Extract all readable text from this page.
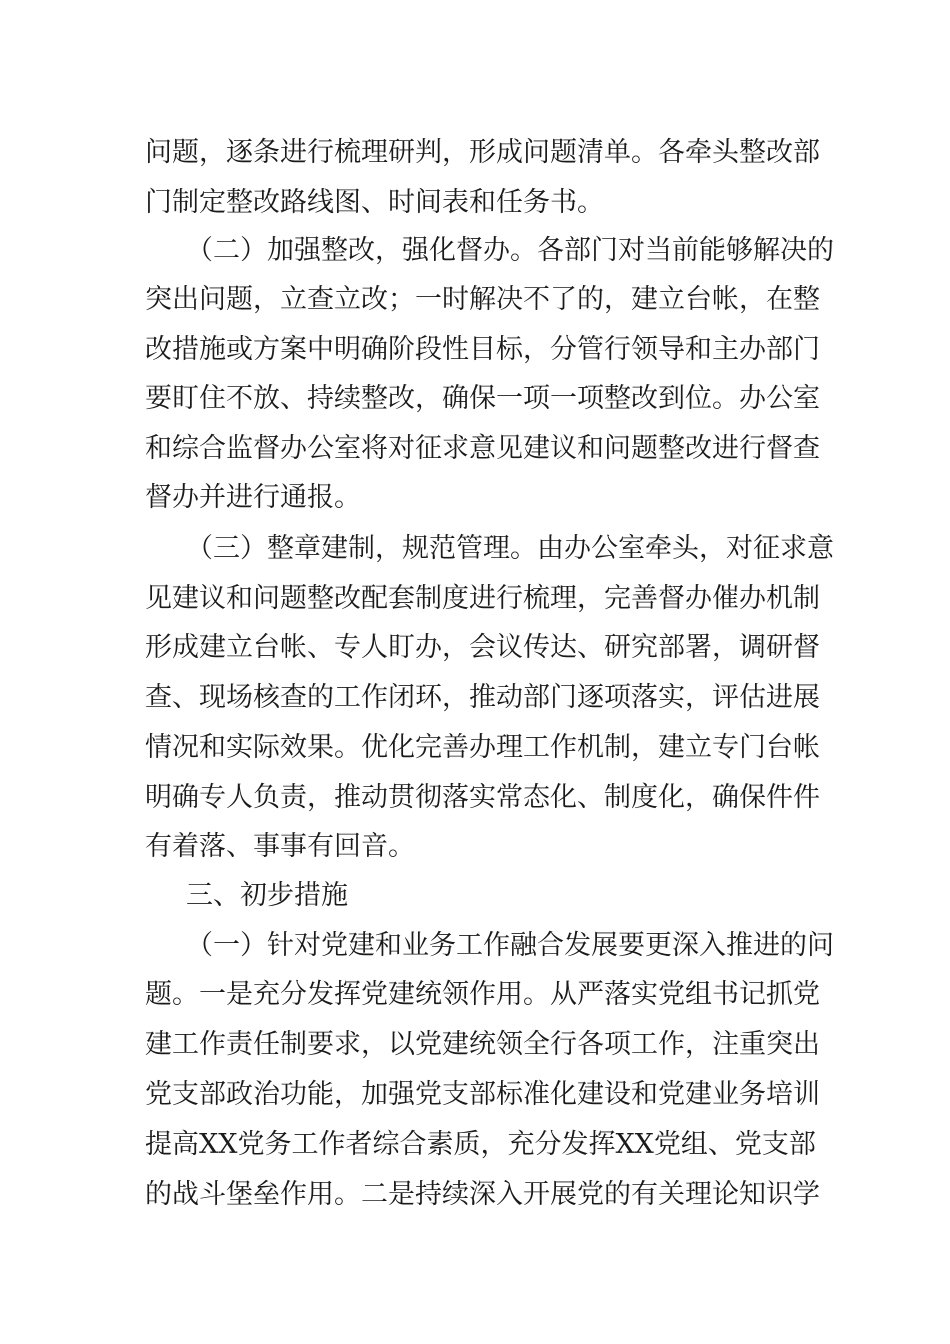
问题，逐条进行梳理研判，形成问题清单。各牵头整改部
门制定整改路线图、时间表和任务书。
（二）加强整改，强化督办。各部门对当前能够解决的
突出问题，立查立改；一时解决不了的，建立台帐，在整
改措施或方案中明确阶段性目标，分管行领导和主办部门
要盯住不放、持续整改，确保一项一项整改到位。办公室
和综合监督办公室将对征求意见建议和问题整改进行督查
督办并进行通报。
（三）整章建制，规范管理。由办公室牵头，对征求意
见建议和问题整改配套制度进行梳理，完善督办催办机制
形成建立台帐、专人盯办，会议传达、研究部署，调研督
查、现场核查的工作闭环，推动部门逐项落实，评估进展
情况和实际效果。优化完善办理工作机制，建立专门台帐
明确专人负责，推动贯彻落实常态化、制度化，确保件件
有着落、事事有回音。
三、初步措施
（一）针对党建和业务工作融合发展要更深入推进的问
题。一是充分发挥党建统领作用。从严落实党组书记抓党
建工作责任制要求，以党建统领全行各项工作，注重突出
党支部政治功能，加强党支部标准化建设和党建业务培训
提高XX党务工作者综合素质，充分发挥XX党组、党支部
的战斗堡垒作用。二是持续深入开展党的有关理论知识学
